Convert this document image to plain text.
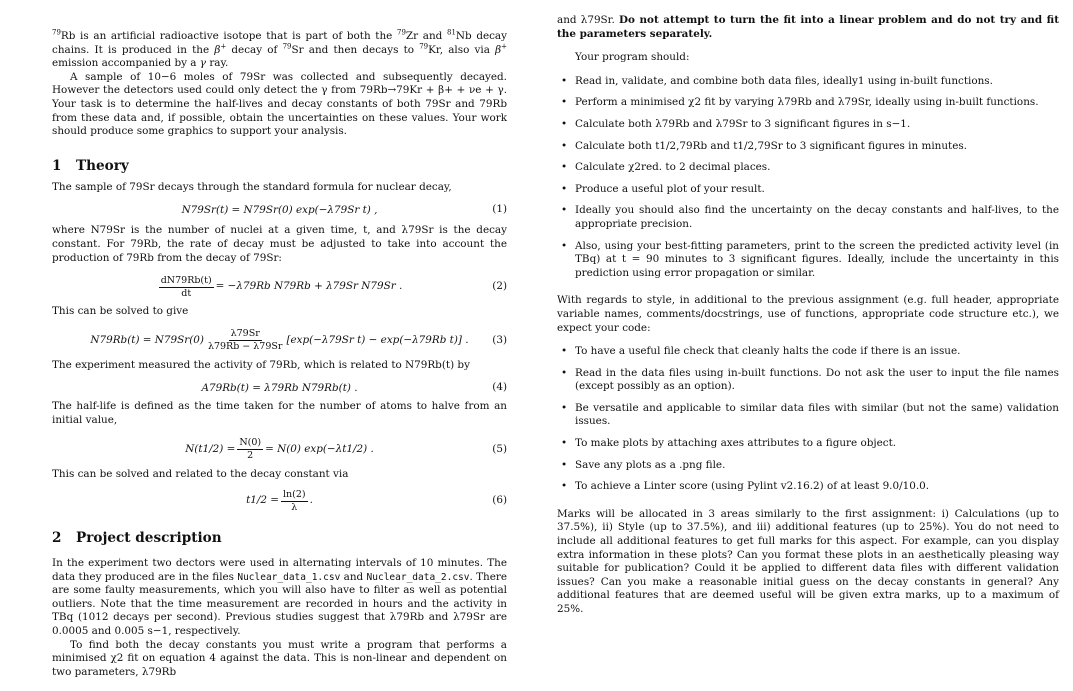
$^{79}$Rb is an artificial radioactive isotope that is part of both the $^{79}$Zr and $^{81}$Nb decay chains. It is produced in the β+ decay of $^{79}$Sr and then decays to $^{79}$Kr, also via β+ emission accompanied by a γ ray.

A sample of 10−6 moles of 79Sr was collected and subsequently decayed. However the detectors used could only detect the γ from 79Rb→79Kr + β+ + νe + γ. Your task is to determine the half-lives and decay constants of both 79Sr and 79Rb from these data and, if possible, obtain the uncertainties on these values. Your work should produce some graphics to support your analysis.

1 Theory

The sample of 79Sr decays through the standard formula for nuclear decay,

N79Sr(t) = N79Sr(0) exp(−λ79Sr t) ,	(1)

where N79Sr is the number of nuclei at a given time, t, and λ79Sr is the decay constant. For 79Rb, the rate of decay must be adjusted to take into account the production of 79Rb from the decay of 79Sr:

$\frac{dN79Rb(t)}{dt} = -\lambda 79Rb$ N79Rb + λ79Sr N79Sr .	(2)

This can be solved to give

$N79Rb(t) = N79Sr(0) \frac{\lambda 79Sr}{\lambda 79Rb - \lambda 79Sr} [\exp(-\lambda 79Sr$ t) − exp(−λ79Rb t)] . (3)

The experiment measured the activity of 79Rb, which is related to N79Rb(t) by

A79Rb(t) = λ79Rb N79Rb(t) .	(4)

The half-life is defined as the time taken for the number of atoms to halve from an initial value,

$N(t1/2) = \frac{N(0)}{2} = N(0)$ exp(−λt1/2) .	(5)

This can be solved and related to the decay constant via

$t1/2 = \frac{\ln(2)}{\lambda}$ .	(6)
2 Project description

In the experiment two dectors were used in alternating intervals of 10 minutes. The data they produced are in the files Nuclear_data_1.csv and Nuclear_data_2.csv. There are some faulty measurements, which you will also have to filter as well as potential outliers. Note that the time measurement are recorded in hours and the activity in TBq (1012 decays per second). Previous studies suggest that λ79Rb and λ79Sr are 0.0005 and 0.005 s−1, respectively.

To find both the decay constants you must write a program that performs a minimised χ2 fit on equation 4 against the data. This is non-linear and dependent on two parameters, λ79Rb

and λ79Sr. Do not attempt to turn the fit into a linear problem and do not try and fit the parameters separately.

Your program should:

• Read in, validate, and combine both data files, ideally1 using in-built functions.
• Perform a minimised χ2 fit by varying λ79Rb and λ79Sr, ideally using in-built functions.
• Calculate both λ79Rb and λ79Sr to 3 significant figures in s−1.
• Calculate both t1/2,79Rb and t1/2,79Sr to 3 significant figures in minutes.
• Calculate χ2red. to 2 decimal places.
• Produce a useful plot of your result.
• Ideally you should also find the uncertainty on the decay constants and half-lives, to the appropriate precision.
• Also, using your best-fitting parameters, print to the screen the predicted activity level (in TBq) at t = 90 minutes to 3 significant figures. Ideally, include the uncertainty in this prediction using error propagation or similar.

With regards to style, in additional to the previous assignment (e.g. full header, appropriate variable names, comments/docstrings, use of functions, appropriate code structure etc.), we expect your code:

• To have a useful file check that cleanly halts the code if there is an issue.
• Read in the data files using in-built functions. Do not ask the user to input the file names (except possibly as an option).
• Be versatile and applicable to similar data files with similar (but not the same) validation issues.
• To make plots by attaching axes attributes to a figure object.
• Save any plots as a .png file.
• To achieve a Linter score (using Pylint v2.16.2) of at least 9.0/10.0.

Marks will be allocated in 3 areas similarly to the first assignment: i) Calculations (up to 37.5%), ii) Style (up to 37.5%), and iii) additional features (up to 25%). You do not need to include all additional features to get full marks for this aspect. For example, can you display extra information in these plots? Can you format these plots in an aesthetically pleasing way suitable for publication? Could it be applied to different data files with different validation issues? Can you make a reasonable initial guess on the decay constants in general? Any additional features that are deemed useful will be given extra marks, up to a maximum of 25%.
